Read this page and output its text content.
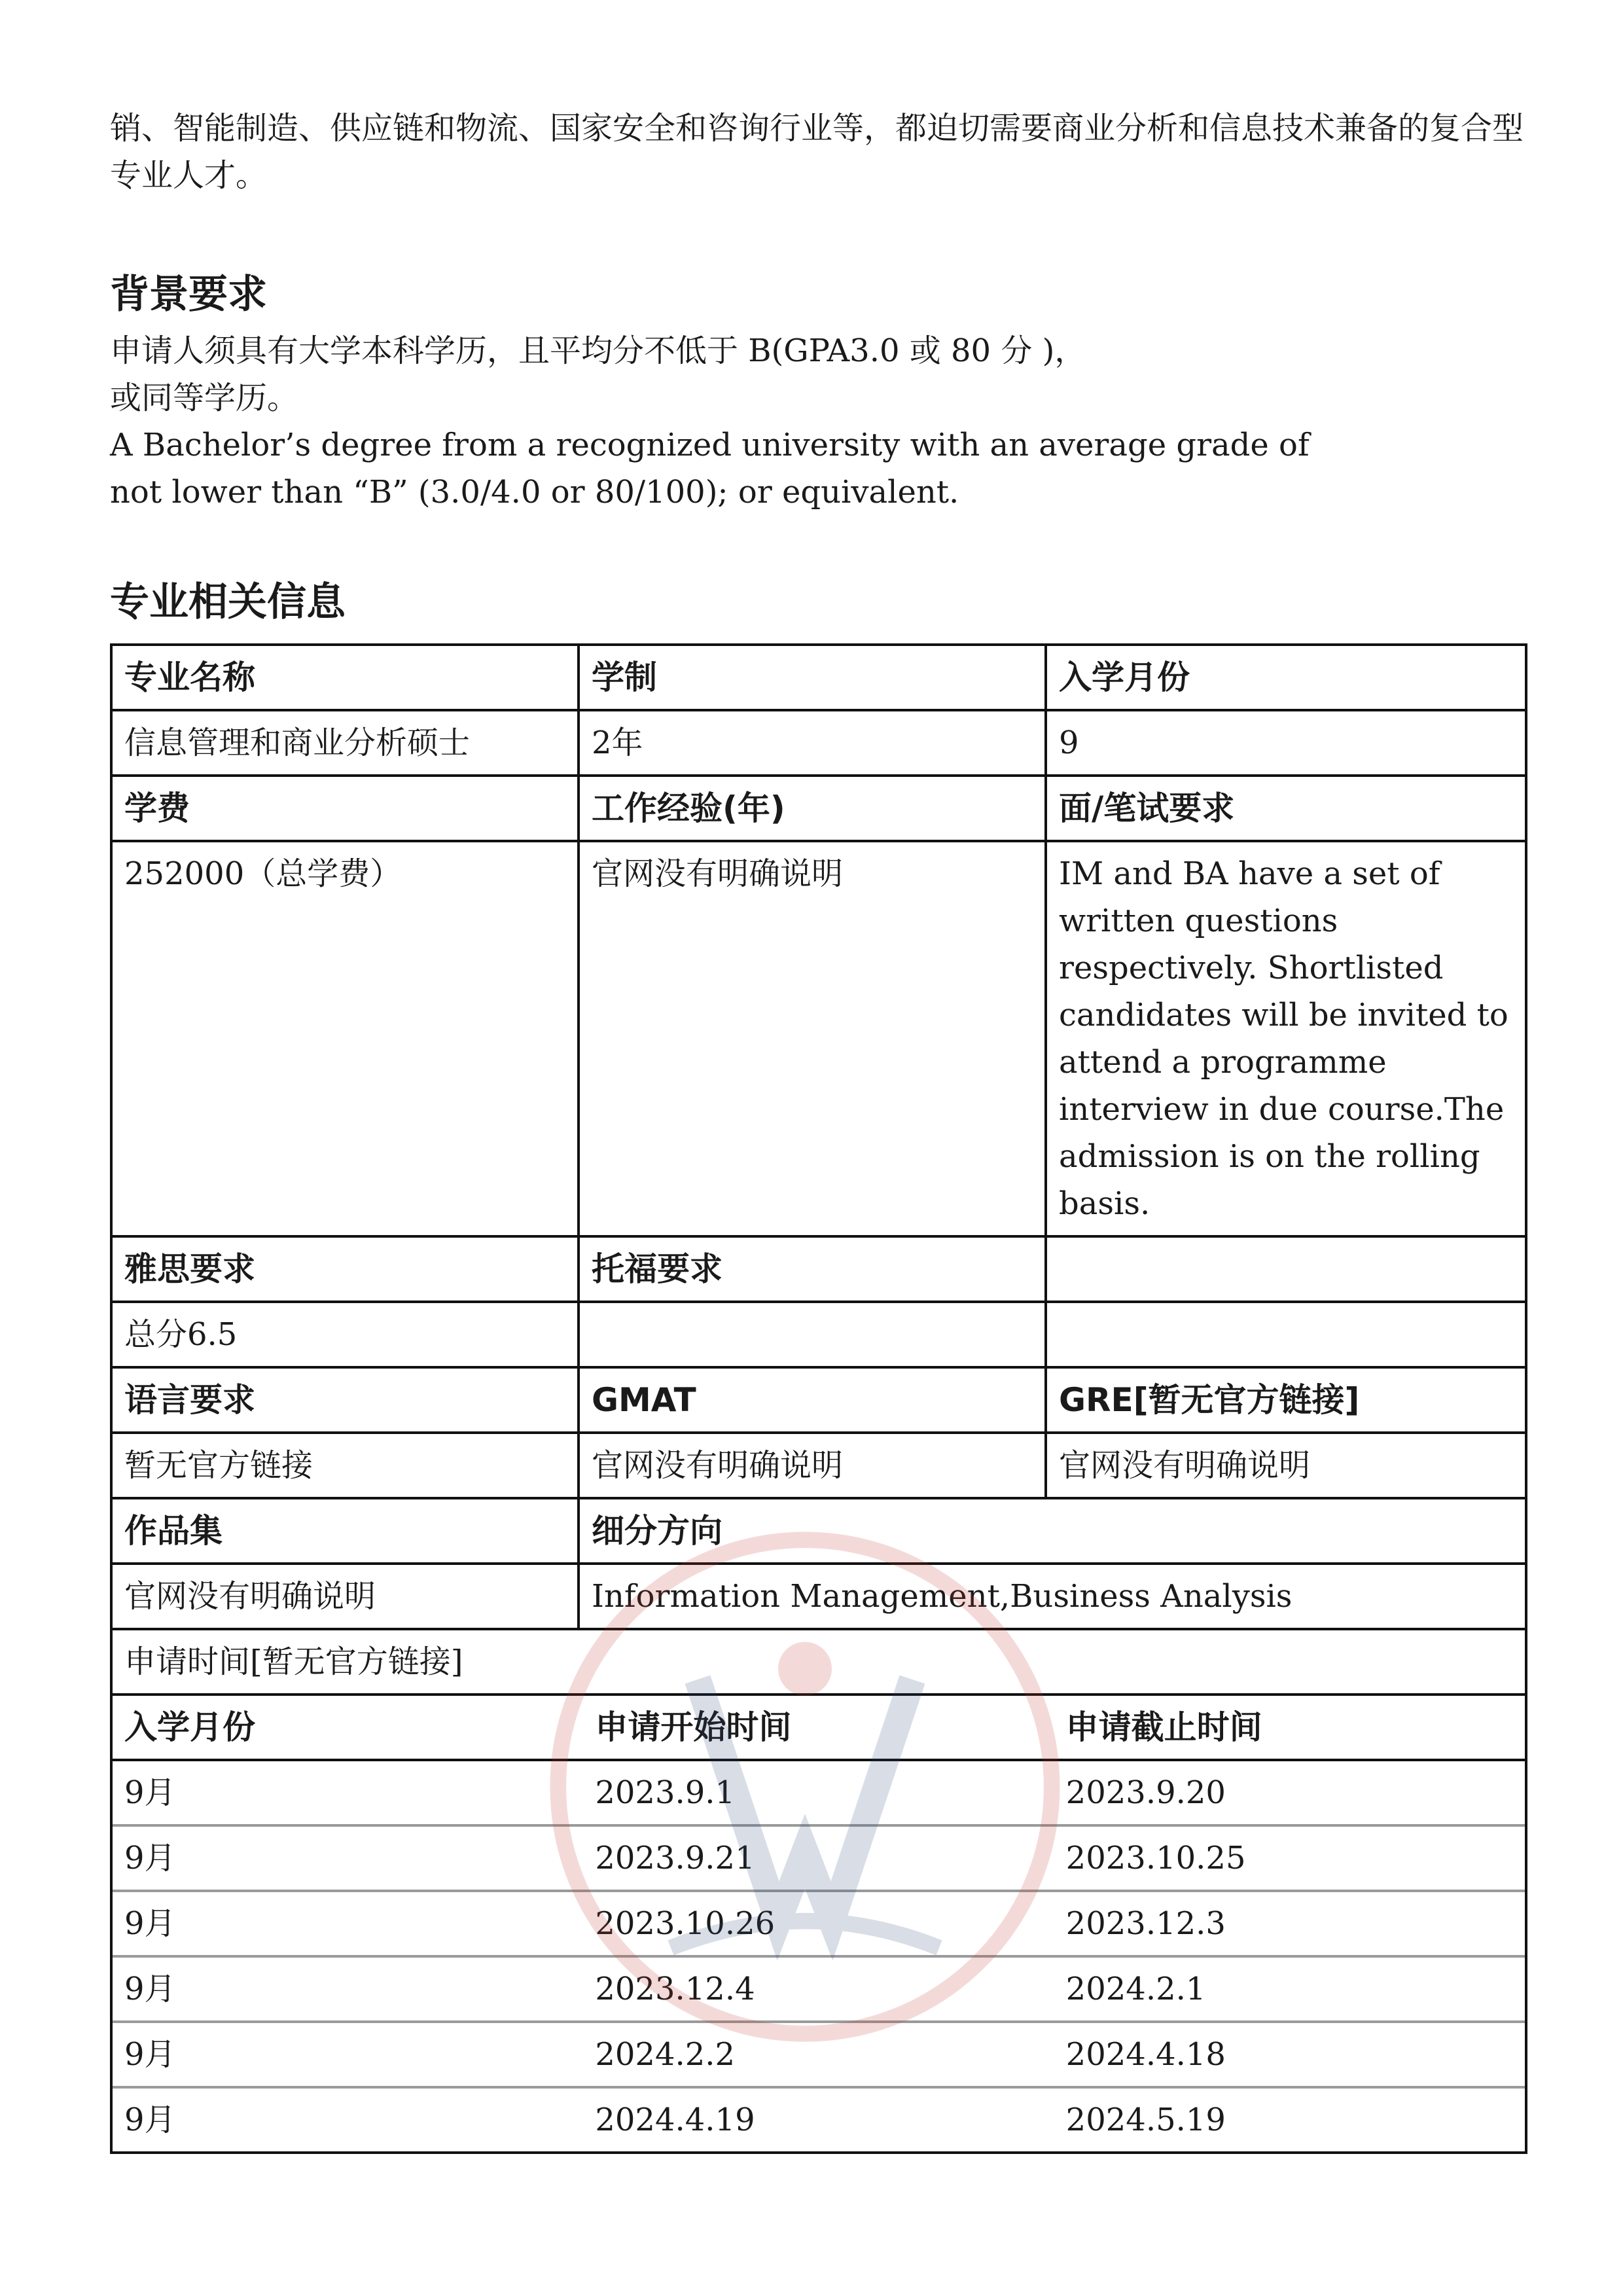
销、智能制造、供应链和物流、国家安全和咨询行业等，都迫切需要商业分析和信息技术兼备的复合型专业人才。

背景要求

申请人须具有大学本科学历，且平均分不低于 B(GPA3.0 或 80 分 )，

或同等学历。

A Bachelor’s degree from a recognized university with an average grade of

not lower than “B” (3.0/4.0 or 80/100); or equivalent.

专业相关信息

专业名称	学制	入学月份
信息管理和商业分析硕士	2年	9
学费	工作经验(年)	面/笔试要求
252000（总学费）	官网没有明确说明	IM and BA have a set of written questions respectively. Shortlisted candidates will be invited to attend a programme interview in due course.The admission is on the rolling basis.
雅思要求	托福要求	
总分6.5		
语言要求	GMAT	GRE[暂无官方链接]
暂无官方链接	官网没有明确说明	官网没有明确说明
作品集	细分方向
官网没有明确说明	Information Management,Business Analysis
申请时间[暂无官方链接]

入学月份	申请开始时间	申请截止时间
9月	2023.9.1	2023.9.20
9月	2023.9.21	2023.10.25
9月	2023.10.26	2023.12.3
9月	2023.12.4	2024.2.1
9月	2024.2.2	2024.4.18
9月	2024.4.19	2024.5.19
